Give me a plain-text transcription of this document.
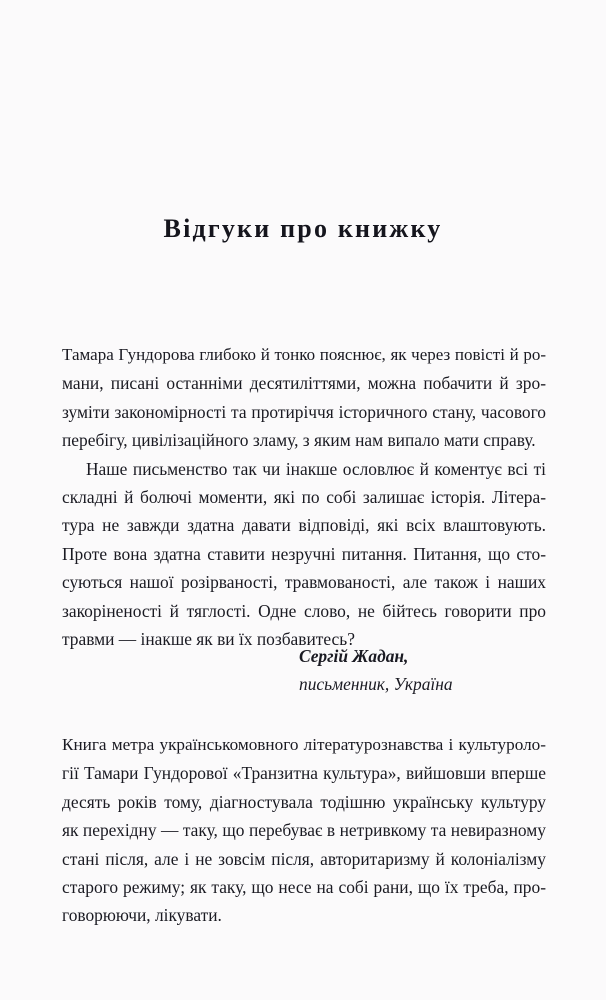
Відгуки про книжку
Тамара Гундорова глибоко й тонко пояснює, як через повісті й ро-
мани, писані останніми десятиліттями, можна побачити й зро-
зуміти закономірності та протиріччя історичного стану, часового
перебігу, цивілізаційного зламу, з яким нам випало мати справу.
Наше письменство так чи інакше ословлює й коментує всі ті
складні й болючі моменти, які по собі залишає історія. Літера-
тура не завжди здатна давати відповіді, які всіх влаштовують.
Проте вона здатна ставити незручні питання. Питання, що сто-
суються нашої розірваності, травмованості, але також і наших
закоріненості й тяглості. Одне слово, не бійтесь говорити про
травми — інакше як ви їх позбавитесь?
Сергій Жадан,
письменник, Україна
Книга метра українськомовного літературознавства і культуроло-
гії Тамари Гундорової «Транзитна культура», вийшовши вперше
десять років тому, діагностувала тодішню українську культуру
як перехідну — таку, що перебуває в нетривкому та невиразному
стані після, але і не зовсім після, авторитаризму й колоніалізму
старого режиму; як таку, що несе на собі рани, що їх треба, про-
говорюючи, лікувати.
